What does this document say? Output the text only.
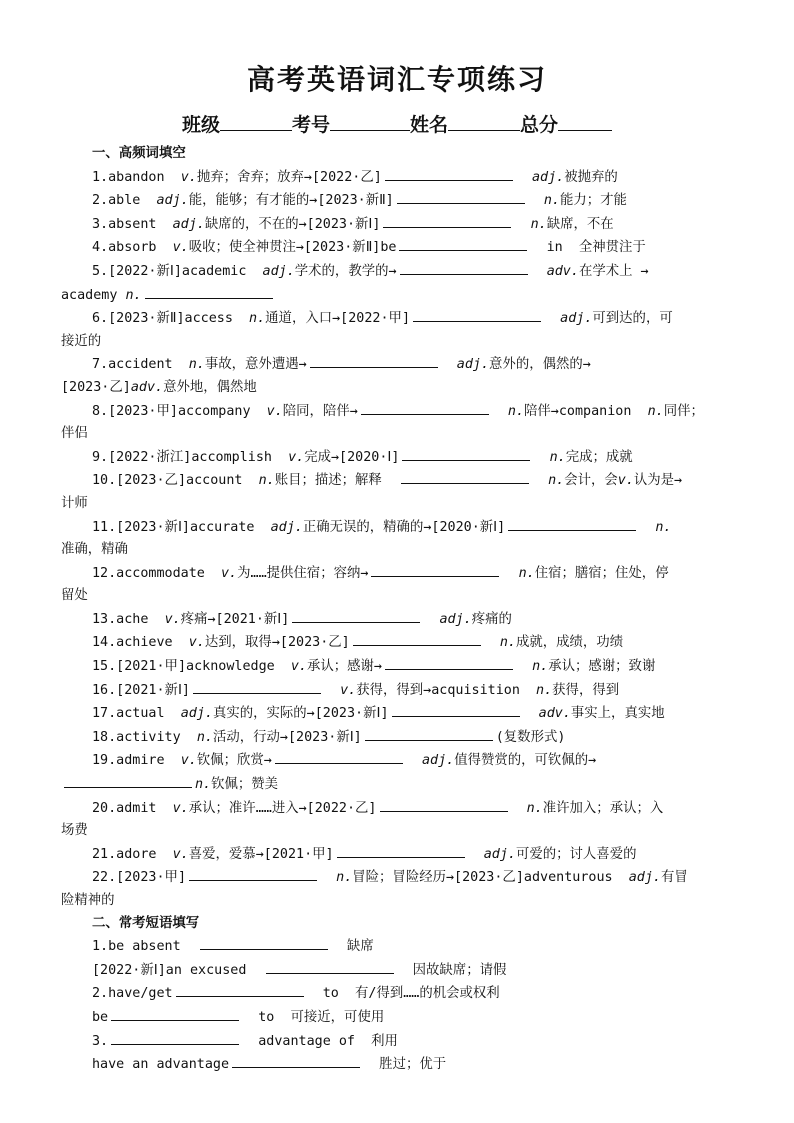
高考英语词汇专项练习
班级	考号	姓名	总分
一、高频词填空
1.abandon  v.抛弃；舍弃；放弃→[2022·乙]	adj.被抛弃的
2.able  adj.能，能够；有才能的→[2023·新Ⅱ]	n.能力；才能
3.absent  adj.缺席的，不在的→[2023·新Ⅰ]	n.缺席，不在
4.absorb  v.吸收；使全神贯注→[2023·新Ⅱ]be	in  全神贯注于
5.[2022·新Ⅰ]academic  adj.学术的，教学的→	adv.在学术上 →
academy n.
6.[2023·新Ⅱ]access  n.通道，入口→[2022·甲]	adj.可到达的，可
接近的
7.accident  n.事故，意外遭遇→	adj.意外的，偶然的→
[2023·乙]adv.意外地，偶然地
8.[2023·甲]accompany  v.陪同，陪伴→	n.陪伴→companion  n.同伴；
伴侣
9.[2022·浙江]accomplish  v.完成→[2020·Ⅰ]	n.完成；成就
10.[2023·乙]account  n.账目；描述；解释	n.会计，会v.认为是→
计师
11.[2023·新Ⅰ]accurate  adj.正确无误的，精确的→[2020·新Ⅰ]	n.
准确，精确
12.accommodate  v.为……提供住宿；容纳→	n.住宿；膳宿；住处，停
留处
13.ache  v.疼痛→[2021·新Ⅰ]	adj.疼痛的
14.achieve  v.达到，取得→[2023·乙]	n.成就，成绩，功绩
15.[2021·甲]acknowledge  v.承认；感谢→	n.承认；感谢；致谢
16.[2021·新Ⅰ]	v.获得，得到→acquisition  n.获得，得到
17.actual  adj.真实的，实际的→[2023·新Ⅰ]	adv.事实上，真实地
18.activity  n.活动，行动→[2023·新Ⅰ]	(复数形式)
19.admire  v.钦佩；欣赏→	adj.值得赞赏的，可钦佩的→
n.钦佩；赞美
20.admit  v.承认；准许……进入→[2022·乙]	n.准许加入；承认；入
场费
21.adore  v.喜爱，爱慕→[2021·甲]	adj.可爱的；讨人喜爱的
22.[2023·甲]	n.冒险；冒险经历→[2023·乙]adventurous  adj.有冒
险精神的
二、常考短语填写
1.be absent	缺席
[2022·新Ⅰ]an excused	因故缺席；请假
2.have/get	to  有/得到……的机会或权利
be	to  可接近，可使用
3.	advantage of  利用
have an advantage	胜过；优于
